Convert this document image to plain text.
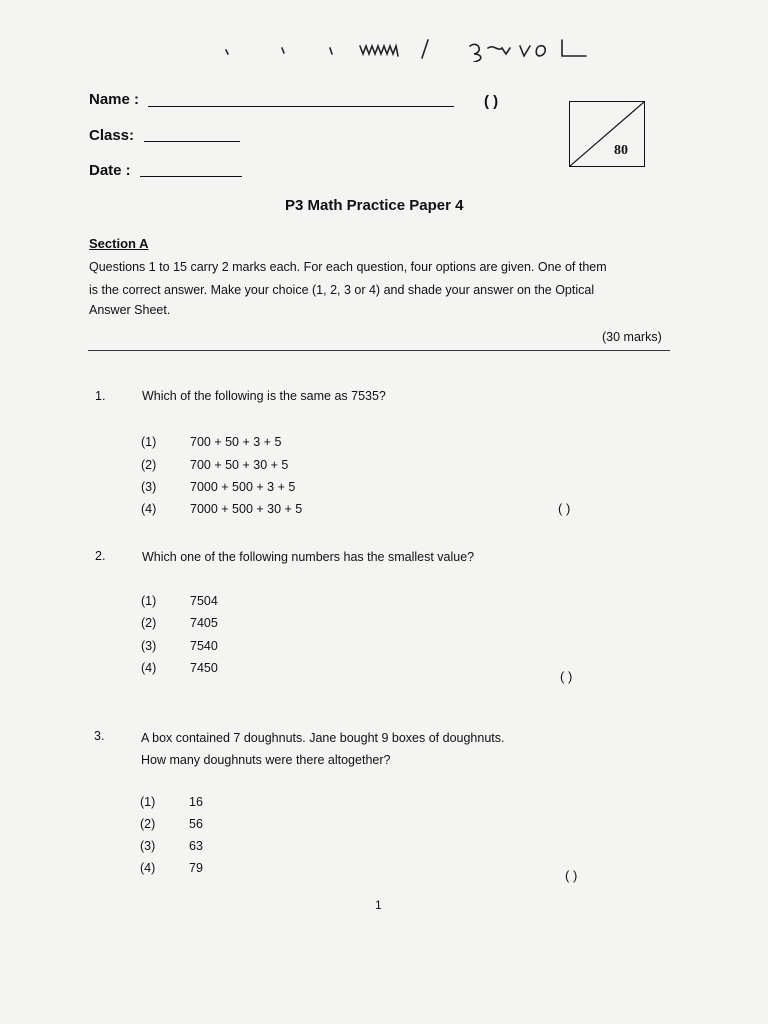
Name :	( )
Class:
Date :
80
P3 Math Practice Paper 4
Section A
Questions 1 to 15 carry 2 marks each. For each question, four options are given. One of them
is the correct answer. Make your choice (1, 2, 3 or 4) and shade your answer on the Optical
Answer Sheet.
(30 marks)
1.	Which of the following is the same as 7535?
(1)	700 + 50 + 3 + 5
(2)	700 + 50 + 30 + 5
(3)	7000 + 500 + 3 + 5
(4)	7000 + 500 + 30 + 5	( )
2.	Which one of the following numbers has the smallest value?
(1)	7504
(2)	7405
(3)	7540
(4)	7450
( )
3.	A box contained 7 doughnuts. Jane bought 9 boxes of doughnuts.
How many doughnuts were there altogether?
(1)	16
(2)	56
(3)	63
(4)	79	( )
1
